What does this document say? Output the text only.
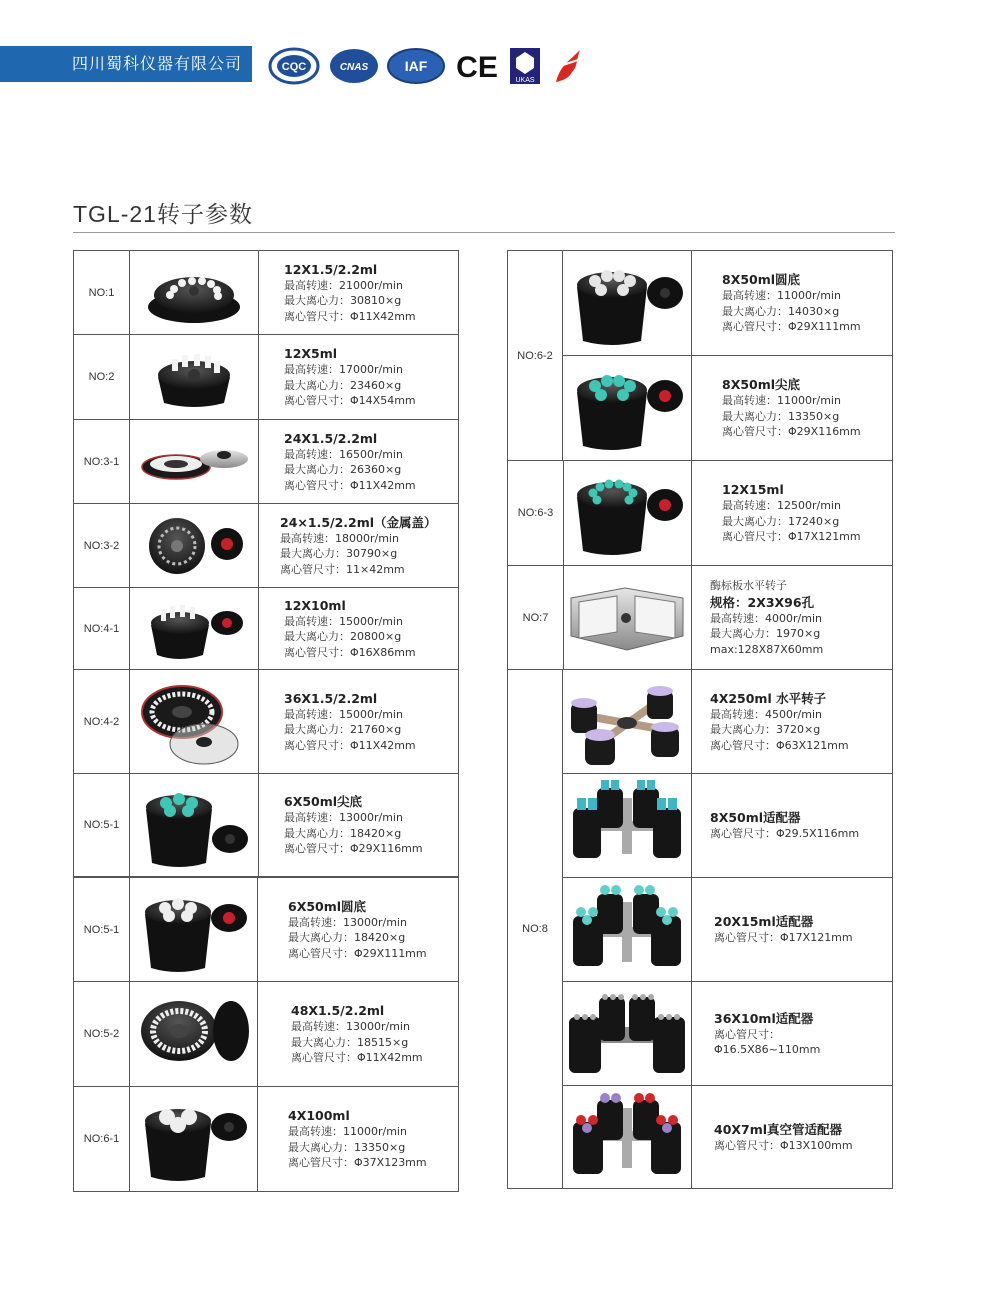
四川蜀科仪器有限公司	CQC	CNAS	IAF CE	UKAS
TGL-21转子参数
NO:1
12X1.5/2.2ml
最高转速：21000r/min
最大离心力：30810×g
离心管尺寸：Φ11X42mm
NO:2
12X5ml
最高转速：17000r/min
最大离心力：23460×g
离心管尺寸：Φ14X54mm
NO:3-1
24X1.5/2.2ml
最高转速：16500r/min
最大离心力：26360×g
离心管尺寸：Φ11X42mm
NO:3-2
24×1.5/2.2ml（金属盖）
最高转速：18000r/min
最大离心力：30790×g
离心管尺寸：11×42mm
NO:4-1
12X10ml
最高转速：15000r/min
最大离心力：20800×g
离心管尺寸：Φ16X86mm
NO:4-2
36X1.5/2.2ml
最高转速：15000r/min
最大离心力：21760×g
离心管尺寸：Φ11X42mm
NO:5-1
6X50ml尖底
最高转速：13000r/min
最大离心力：18420×g
离心管尺寸：Φ29X116mm
NO:5-1
6X50ml圆底
最高转速：13000r/min
最大离心力：18420×g
离心管尺寸：Φ29X111mm
NO:5-2
48X1.5/2.2ml
最高转速：13000r/min
最大离心力：18515×g
离心管尺寸：Φ11X42mm
NO:6-1
4X100ml
最高转速：11000r/min
最大离心力：13350×g
离心管尺寸：Φ37X123mm
NO:6-2
8X50ml圆底
最高转速：11000r/min
最大离心力：14030×g
离心管尺寸：Φ29X111mm
8X50ml尖底
最高转速：11000r/min
最大离心力：13350×g
离心管尺寸：Φ29X116mm
NO:6-3
12X15ml
最高转速：12500r/min
最大离心力：17240×g
离心管尺寸：Φ17X121mm
NO:7
酶标板水平转子
规格：2X3X96孔
最高转速：4000r/min
最大离心力：1970×g
max:128X87X60mm
NO:8
4X250ml 水平转子
最高转速：4500r/min
最大离心力：3720×g
离心管尺寸：Φ63X121mm
8X50ml适配器
离心管尺寸：Φ29.5X116mm
20X15ml适配器
离心管尺寸：Φ17X121mm
36X10ml适配器
离心管尺寸：
Φ16.5X86~110mm
40X7ml真空管适配器
离心管尺寸：Φ13X100mm
